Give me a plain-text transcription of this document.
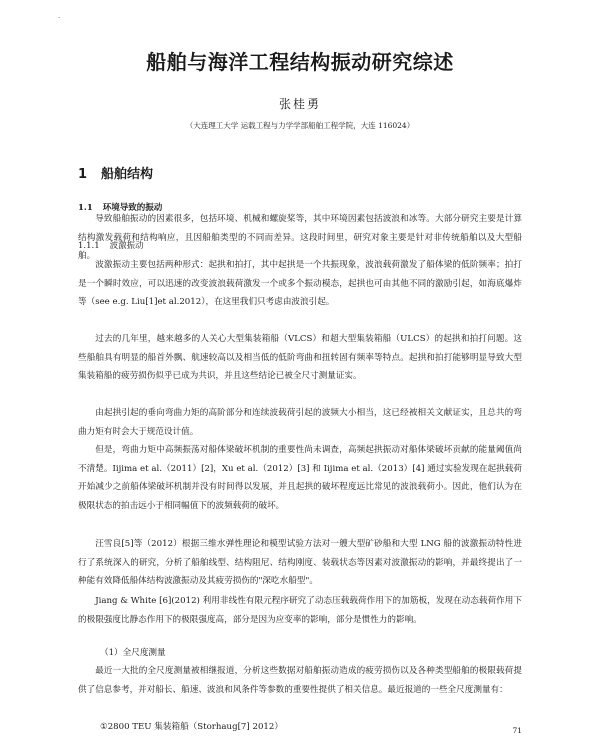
·
船舶与海洋工程结构振动研究综述
张桂勇
（大连理工大学 运载工程与力学学部船舶工程学院，大连 116024）
1 船舶结构
1.1 环境导致的振动

导致船舶振动的因素很多，包括环境、机械和螺旋桨等，其中环境因素包括波浪和冰等。大部分研究主要是计算结构激发载荷和结构响应，且因船舶类型的不同而差异。这段时间里，研究对象主要是针对非传统船舶以及大型船舶。

1.1.1 波激振动

波激振动主要包括两种形式：起拱和拍打，其中起拱是一个共振现象，波浪载荷激发了船体梁的低阶频率；拍打是一个瞬时效应，可以迅速的改变波浪载荷激发一个或多个振动模态，起拱也可由其他不同的激励引起，如海底爆炸等（see e.g. Liu[1]et al.2012），在这里我们只考虑由波浪引起。

过去的几年里，越来越多的人关心大型集装箱船（VLCS）和超大型集装箱船（ULCS）的起拱和拍打问题。这些船舶具有明显的船首外飘、航速较高以及相当低的低阶弯曲和扭转固有频率等特点。起拱和拍打能够明显导致大型集装箱船的疲劳损伤似乎已成为共识，并且这些结论已被全尺寸测量证实。

由起拱引起的垂向弯曲力矩的高阶部分和连续波载荷引起的波频大小相当，这已经被相关文献证实，且总共的弯曲力矩有时会大于规范设计值。

但是，弯曲力矩中高频振荡对船体梁破坏机制的重要性尚未调查，高频起拱振动对船体梁破坏贡献的能量阈值尚不清楚。Iijima et al.（2011）[2]，Xu et al.（2012）[3] 和 Iijima et al.（2013）[4] 通过实验发现在起拱载荷开始减少之前船体梁破坏机制并没有时间得以发展，并且起拱的破坏程度远比常见的波浪载荷小。因此，他们认为在极限状态的拍击远小于相同幅值下的波频载荷的破坏。

汪雪良[5]等（2012）根据三维水弹性理论和模型试验方法对一艘大型矿砂船和大型 LNG 船的波激振动特性进行了系统深入的研究，分析了船舶线型、结构阻尼、结构刚度、装载状态等因素对波激振动的影响，并最终提出了一种能有效降低船体结构波激振动及其疲劳损伤的"深吃水船型"。

Jiang & White [6](2012) 利用非线性有限元程序研究了动态压载载荷作用下的加筋板，发现在动态载荷作用下的极限强度比静态作用下的极限强度高，部分是因为应变率的影响，部分是惯性力的影响。

（1）全尺度测量

最近一大批的全尺度测量被相继报道，分析这些数据对船舶振动造成的疲劳损伤以及各种类型船舶的极限载荷提供了信息参考，并对船长、船速、波浪和风条件等参数的重要性提供了相关信息。最近报道的一些全尺度测量有：

①2800 TEU 集装箱船（Storhaug[7] 2012）	71
